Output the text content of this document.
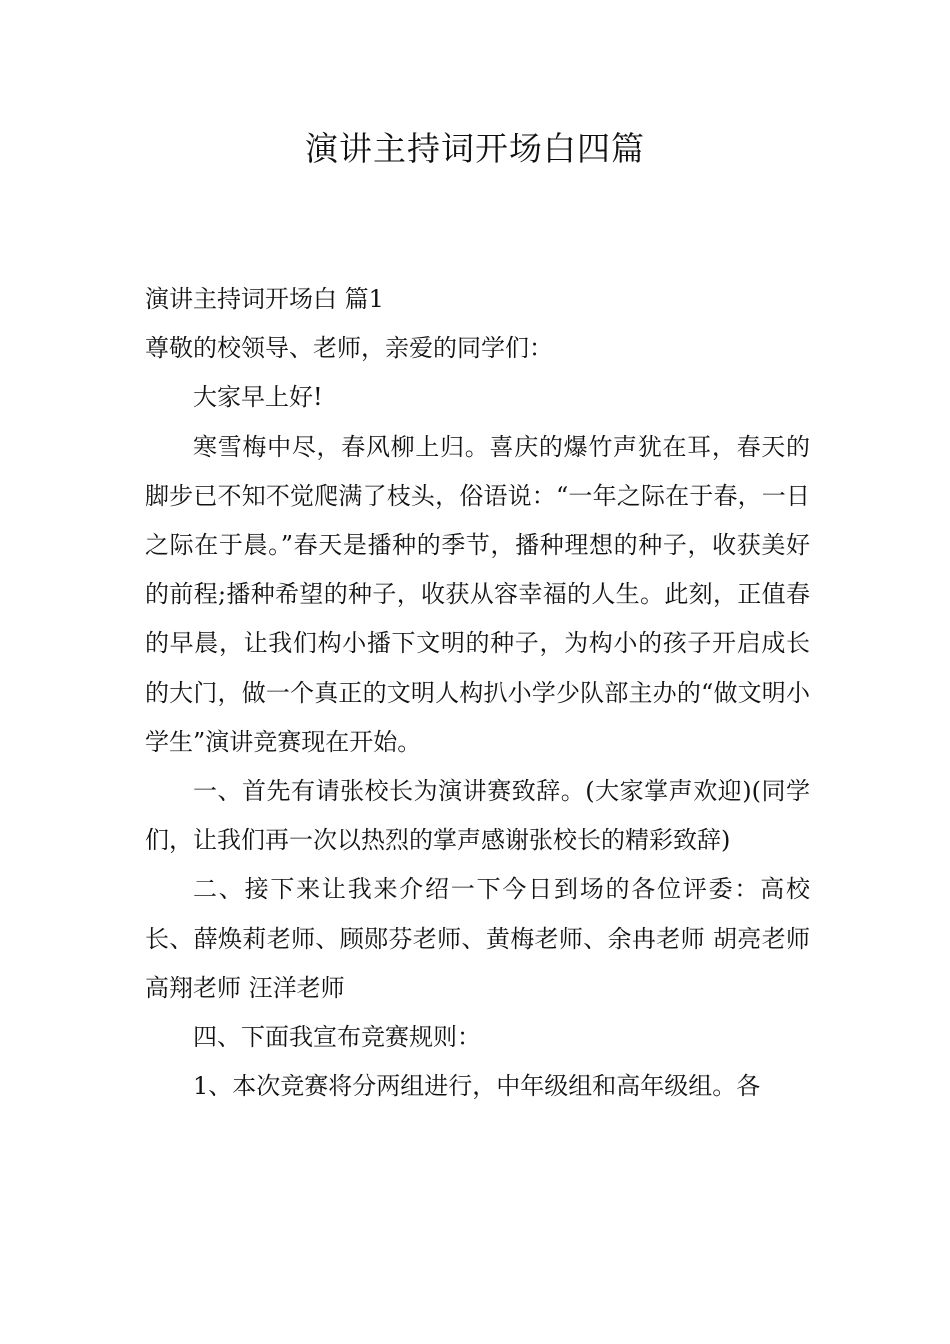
演讲主持词开场白四篇

演讲主持词开场白 篇1

尊敬的校领导、老师，亲爱的同学们：

大家早上好!

寒雪梅中尽，春风柳上归。喜庆的爆竹声犹在耳，春天的脚步已不知不觉爬满了枝头，俗语说：“一年之际在于春，一日之际在于晨。”春天是播种的季节，播种理想的种子，收获美好的前程;播种希望的种子，收获从容幸福的人生。此刻，正值春的早晨，让我们构小播下文明的种子，为构小的孩子开启成长的大门，做一个真正的文明人构扒小学少队部主办的“做文明小学生”演讲竞赛现在开始。

一、首先有请张校长为演讲赛致辞。(大家掌声欢迎)(同学们，让我们再一次以热烈的掌声感谢张校长的精彩致辞)

二、接下来让我来介绍一下今日到场的各位评委：高校长、薛焕莉老师、顾郧芬老师、黄梅老师、余冉老师 胡亮老师 高翔老师 汪洋老师

四、下面我宣布竞赛规则：

1、本次竞赛将分两组进行，中年级组和高年级组。各
